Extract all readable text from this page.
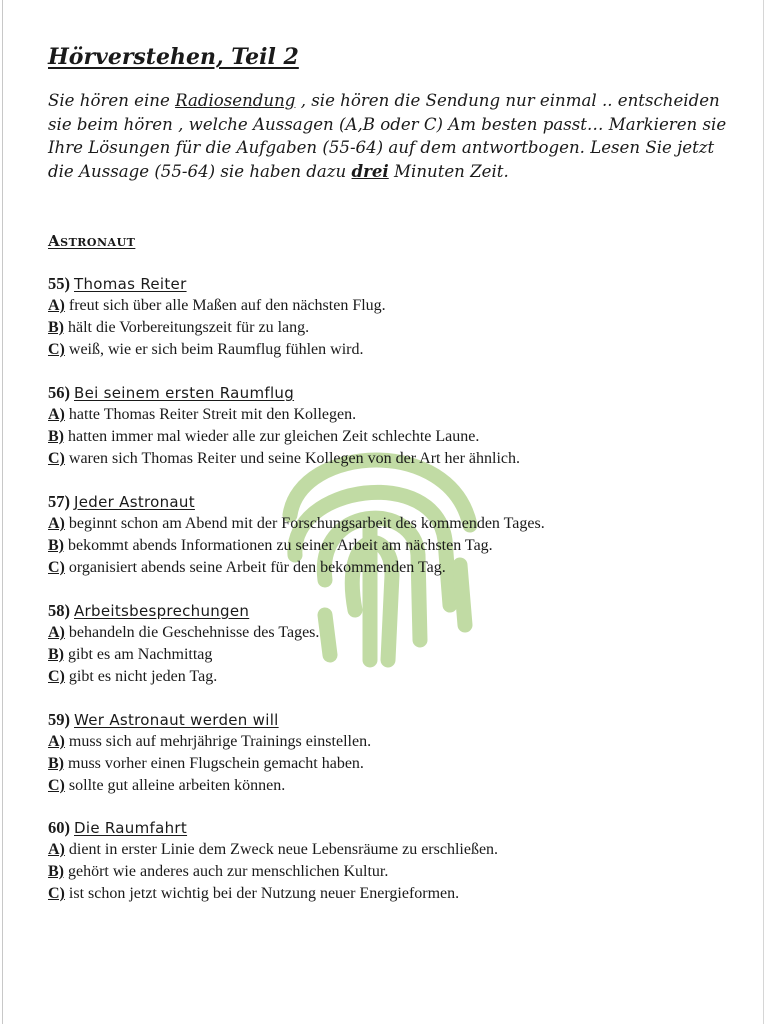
Hörverstehen, Teil 2

Sie hören eine Radiosendung , sie hören die Sendung nur einmal .. entscheiden sie beim hören , welche Aussagen (A,B oder C) Am besten passt… Markieren sie Ihre Lösungen für die Aufgaben (55-64) auf dem antwortbogen. Lesen Sie jetzt die Aussage (55-64) sie haben dazu drei Minuten Zeit.

Astronaut
55) Thomas Reiter
A) freut sich über alle Maßen auf den nächsten Flug.
B) hält die Vorbereitungszeit für zu lang.
C) weiß, wie er sich beim Raumflug fühlen wird.
56) Bei seinem ersten Raumflug
A) hatte Thomas Reiter Streit mit den Kollegen.
B) hatten immer mal wieder alle zur gleichen Zeit schlechte Laune.
C) waren sich Thomas Reiter und seine Kollegen von der Art her ähnlich.
57) Jeder Astronaut
A) beginnt schon am Abend mit der Forschungsarbeit des kommenden Tages.
B) bekommt abends Informationen zu seiner Arbeit am nächsten Tag.
C) organisiert abends seine Arbeit für den bekommenden Tag.
58) Arbeitsbesprechungen
A) behandeln die Geschehnisse des Tages.
B) gibt es am Nachmittag
C) gibt es nicht jeden Tag.
59) Wer Astronaut werden will
A) muss sich auf mehrjährige Trainings einstellen.
B) muss vorher einen Flugschein gemacht haben.
C) sollte gut alleine arbeiten können.
60) Die Raumfahrt
A) dient in erster Linie dem Zweck neue Lebensräume zu erschließen.
B) gehört wie anderes auch zur menschlichen Kultur.
C) ist schon jetzt wichtig bei der Nutzung neuer Energieformen.
